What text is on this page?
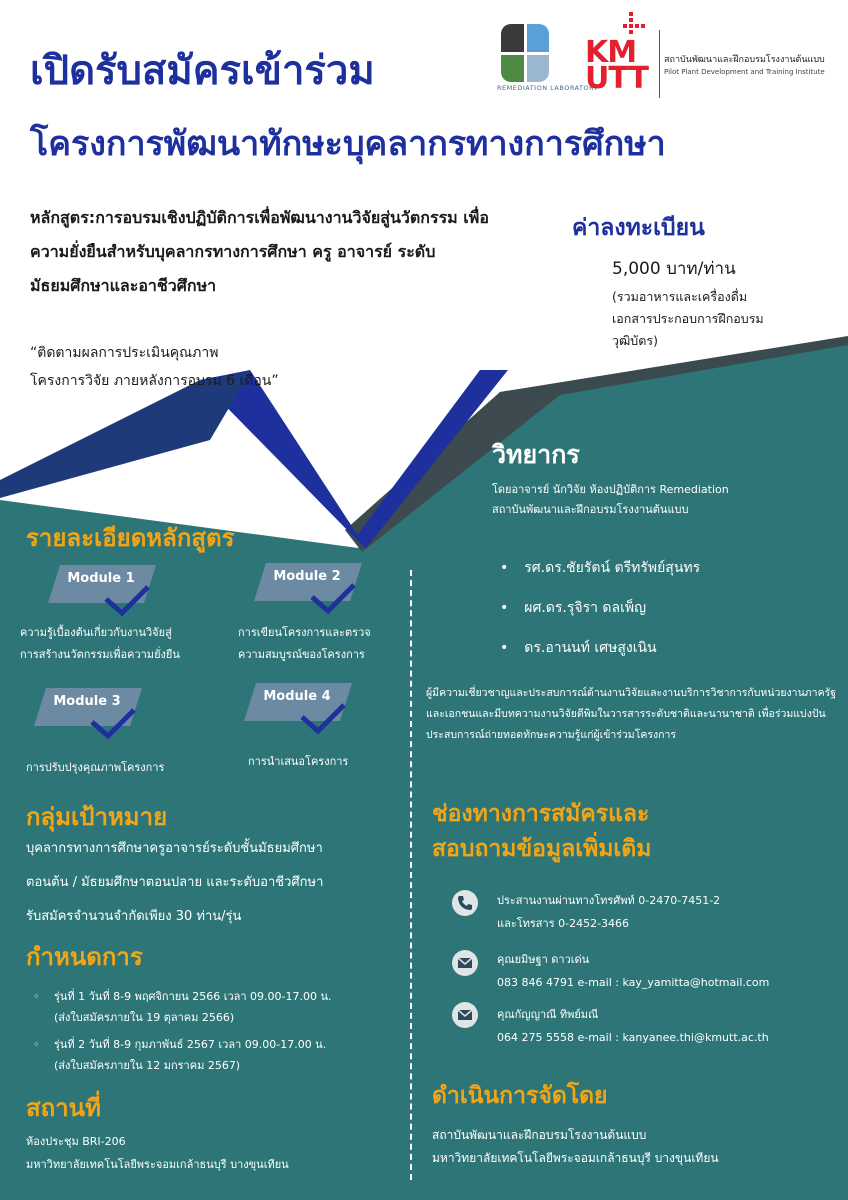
เปิดรับสมัครเข้าร่วม
โครงการพัฒนาทักษะบุคลากรทางการศึกษา
REMEDIATION LABORATORY
KMUTT
สถาบันพัฒนาและฝึกอบรมโรงงานต้นแบบ
Pilot Plant Development and Training Institute
หลักสูตร:การอบรมเชิงปฏิบัติการเพื่อพัฒนางานวิจัยสู่นวัตกรรม เพื่อความยั่งยืนสำหรับบุคลากรทางการศึกษา ครู อาจารย์ ระดับมัธยมศึกษาและอาชีวศึกษา
“ติดตามผลการประเมินคุณภาพ
โครงการวิจัย ภายหลังการอบรม 6 เดือน”
ค่าลงทะเบียน
5,000 บาท/ท่าน
(รวมอาหารและเครื่องดื่ม
เอกสารประกอบการฝึกอบรม
วุฒิบัตร)
วิทยากร
โดยอาจารย์ นักวิจัย ห้องปฏิบัติการ Remediation
สถาบันพัฒนาและฝึกอบรมโรงงานต้นแบบ
• รศ.ดร.ชัยรัตน์ ตรีทรัพย์สุนทร
• ผศ.ดร.รุจิรา ดลเพ็ญ
• ดร.อานนท์ เศษสูงเนิน
ผู้มีความเชี่ยวชาญและประสบการณ์ด้านงานวิจัยและงานบริการวิชาการกับหน่วยงานภาครัฐและเอกชนและมีบทความงานวิจัยตีพิมในวารสารระดับชาติและนานาชาติ เพื่อร่วมแบ่งปันประสบการณ์ถ่ายทอดทักษะความรู้แก่ผู้เข้าร่วมโครงการ
รายละเอียดหลักสูตร
Module 1
ความรู้เบื้องต้นเกี่ยวกับงานวิจัยสู่
การสร้างนวัตกรรมเพื่อความยั่งยืน
Module 2
การเขียนโครงการและตรวจ
ความสมบูรณ์ของโครงการ
Module 3
การปรับปรุงคุณภาพโครงการ
Module 4
การนำเสนอโครงการ
กลุ่มเป้าหมาย
บุคลากรทางการศึกษาครูอาจารย์ระดับชั้นมัธยมศึกษา
ตอนต้น / มัธยมศึกษาตอนปลาย และระดับอาชีวศึกษา
รับสมัครจำนวนจำกัดเพียง 30 ท่าน/รุ่น
กำหนดการ
◦ รุ่นที่ 1 วันที่ 8-9 พฤศจิกายน 2566 เวลา 09.00-17.00 น.
(ส่งใบสมัครภายใน 19 ตุลาคม 2566)
◦ รุ่นที่ 2 วันที่ 8-9 กุมภาพันธ์ 2567 เวลา 09.00-17.00 น.
(ส่งใบสมัครภายใน 12 มกราคม 2567)
สถานที่
ห้องประชุม BRI-206
มหาวิทยาลัยเทคโนโลยีพระจอมเกล้าธนบุรี บางขุนเทียน
ช่องทางการสมัครและ
สอบถามข้อมูลเพิ่มเติม
ประสานงานผ่านทางโทรศัพท์ 0-2470-7451-2
และโทรสาร 0-2452-3466
คุณยมิษฐา ดาวเด่น
083 846 4791 e-mail : kay_yamitta@hotmail.com
คุณกัญญาณี ทิพย์มณี
064 275 5558 e-mail : kanyanee.thi@kmutt.ac.th
ดำเนินการจัดโดย
สถาบันพัฒนาและฝึกอบรมโรงงานต้นแบบ
มหาวิทยาลัยเทคโนโลยีพระจอมเกล้าธนบุรี บางขุนเทียน
